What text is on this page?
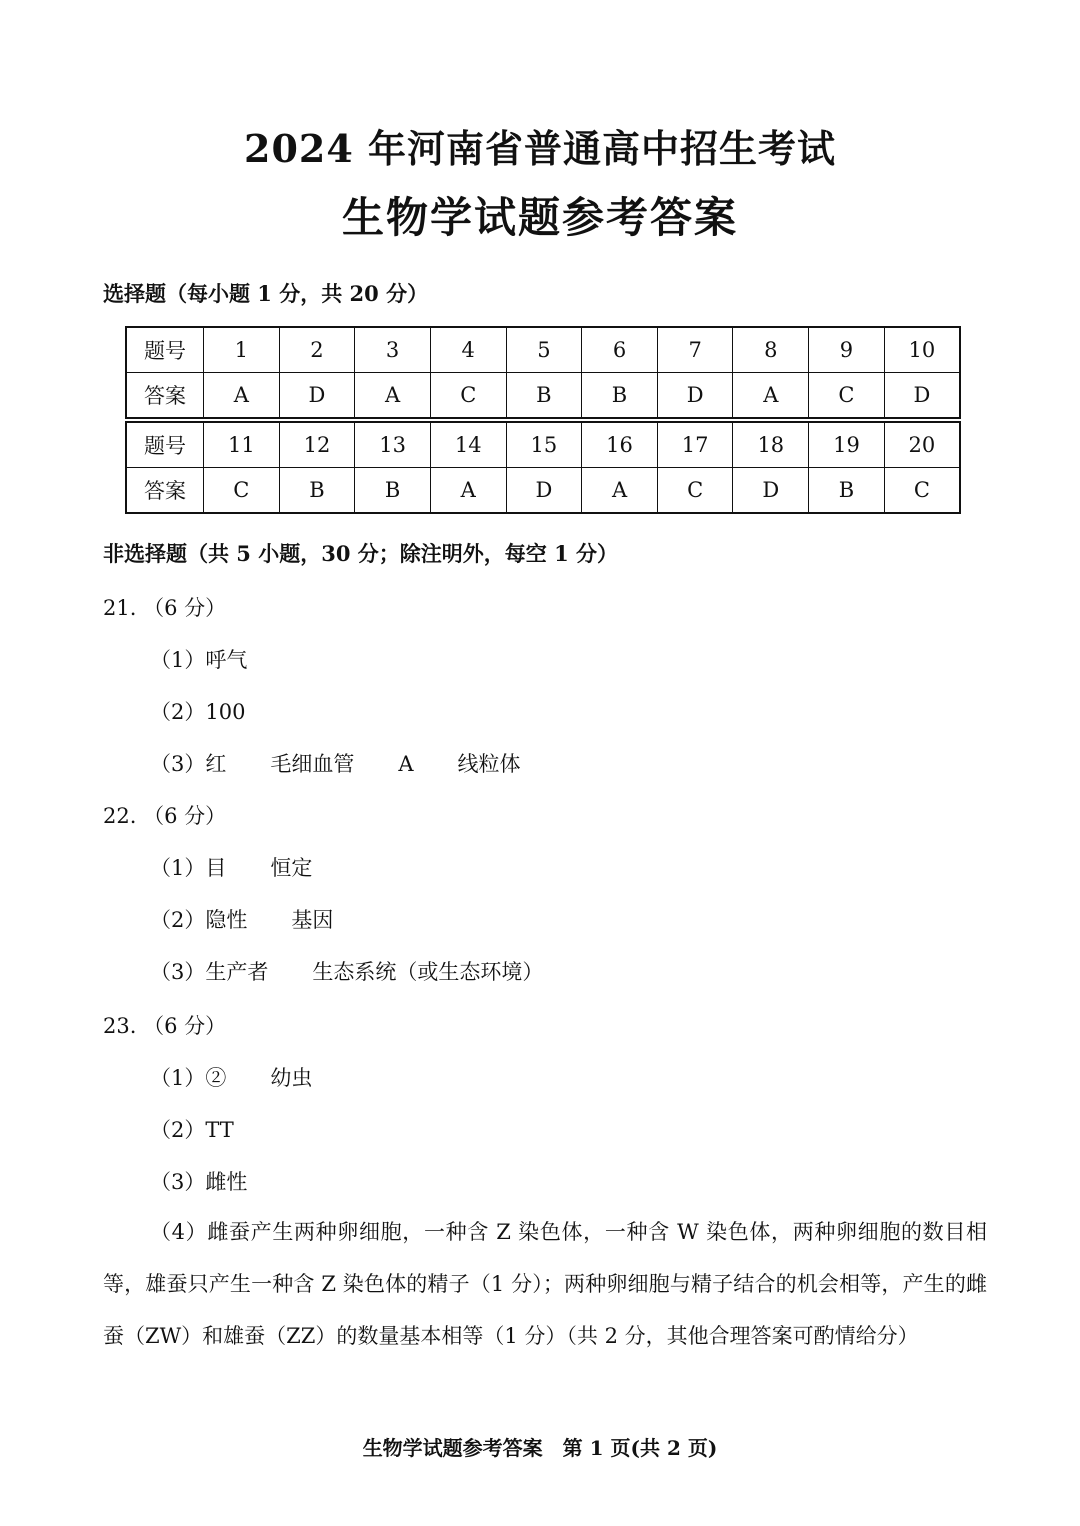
2024 年河南省普通高中招生考试
生物学试题参考答案
选择题（每小题 1 分，共 20 分）
题号	1	2	3	4	5	6	7	8	9	10
答案	A	D	A	C	B	B	D	A	C	D
题号	11	12	13	14	15	16	17	18	19	20
答案	C	B	B	A	D	A	C	D	B	C
非选择题（共 5 小题，30 分；除注明外，每空 1 分）
21. （6 分）
（1）呼气
（2）100
（3）红 毛细血管 A 线粒体
22. （6 分）
（1）目 恒定
（2）隐性 基因
（3）生产者 生态系统（或生态环境）
23. （6 分）
（1）② 幼虫
（2）TT
（3）雌性
（4）雌蚕产生两种卵细胞，一种含 Z 染色体，一种含 W 染色体，两种卵细胞的数目相等，雄蚕只产生一种含 Z 染色体的精子（1 分）；两种卵细胞与精子结合的机会相等，产生的雌蚕（ZW）和雄蚕（ZZ）的数量基本相等（1 分）（共 2 分，其他合理答案可酌情给分）
生物学试题参考答案　第 1 页(共 2 页)
